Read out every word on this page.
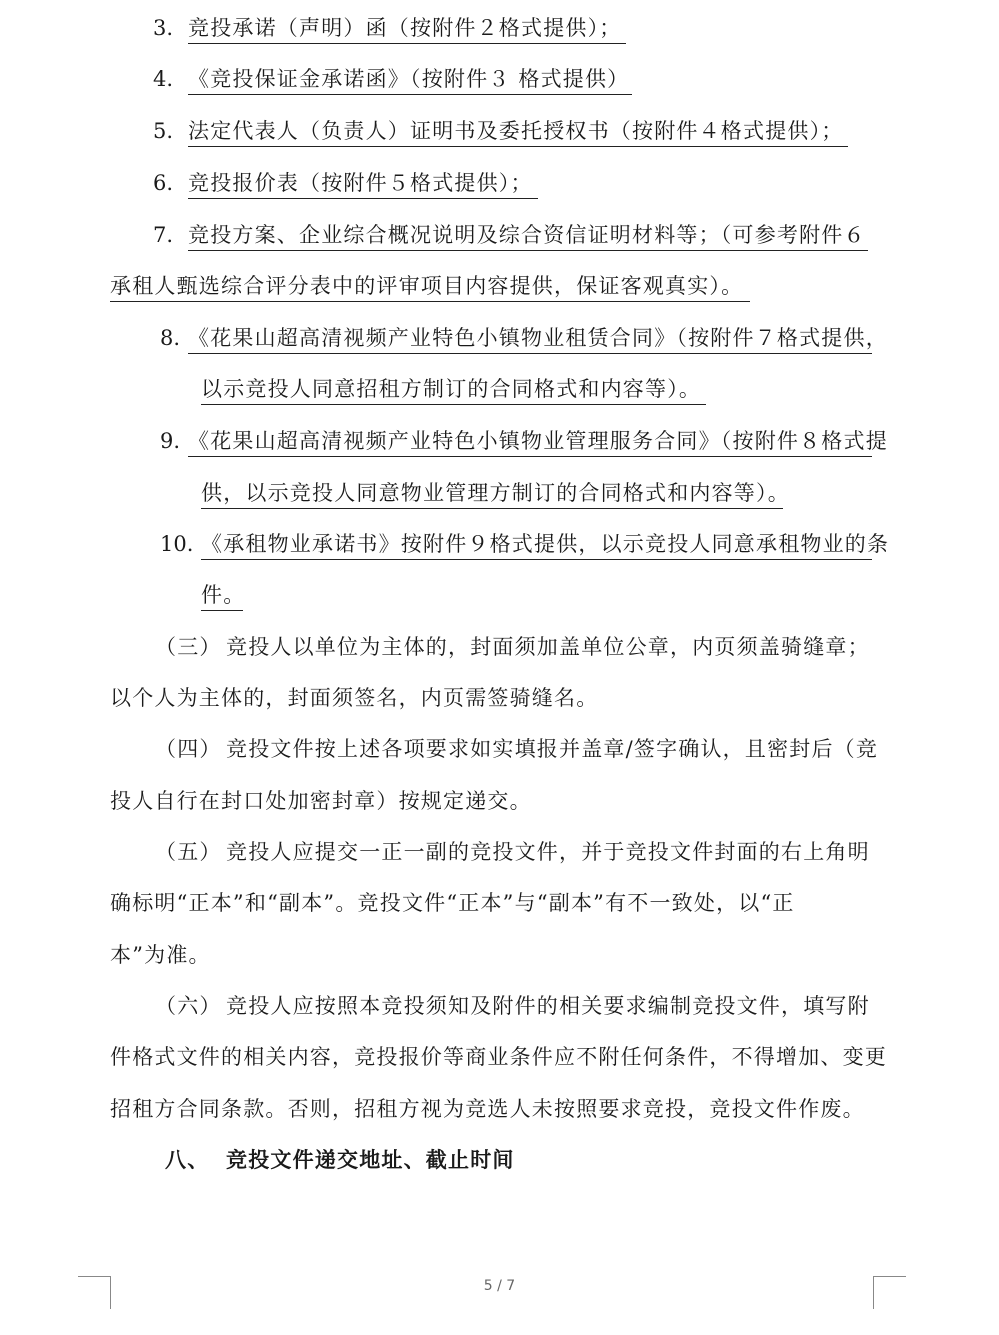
3. 竞投承诺（声明）函（按附件２格式提供）；
4. 《竞投保证金承诺函》（按附件３ 格式提供）
5. 法定代表人（负责人）证明书及委托授权书（按附件４格式提供）；
6. 竞投报价表（按附件５格式提供）；
7. 竞投方案、企业综合概况说明及综合资信证明材料等；（可参考附件６
承租人甄选综合评分表中的评审项目内容提供，保证客观真实）。
8. 《花果山超高清视频产业特色小镇物业租赁合同》（按附件７格式提供，
以示竞投人同意招租方制订的合同格式和内容等）。
9. 《花果山超高清视频产业特色小镇物业管理服务合同》（按附件８格式提
供，以示竞投人同意物业管理方制订的合同格式和内容等）。
10. 《承租物业承诺书》按附件９格式提供，以示竞投人同意承租物业的条
件。
（三） 竞投人以单位为主体的，封面须加盖单位公章，内页须盖骑缝章；
以个人为主体的，封面须签名，内页需签骑缝名。
（四） 竞投文件按上述各项要求如实填报并盖章/签字确认，且密封后（竞
投人自行在封口处加密封章）按规定递交。
（五） 竞投人应提交一正一副的竞投文件，并于竞投文件封面的右上角明
确标明“正本”和“副本”。竞投文件“正本”与“副本”有不一致处，以“正
本”为准。
（六） 竞投人应按照本竞投须知及附件的相关要求编制竞投文件，填写附
件格式文件的相关内容，竞投报价等商业条件应不附任何条件，不得增加、变更
招租方合同条款。否则，招租方视为竞选人未按照要求竞投，竞投文件作废。
八、 竞投文件递交地址、截止时间
5 / 7
